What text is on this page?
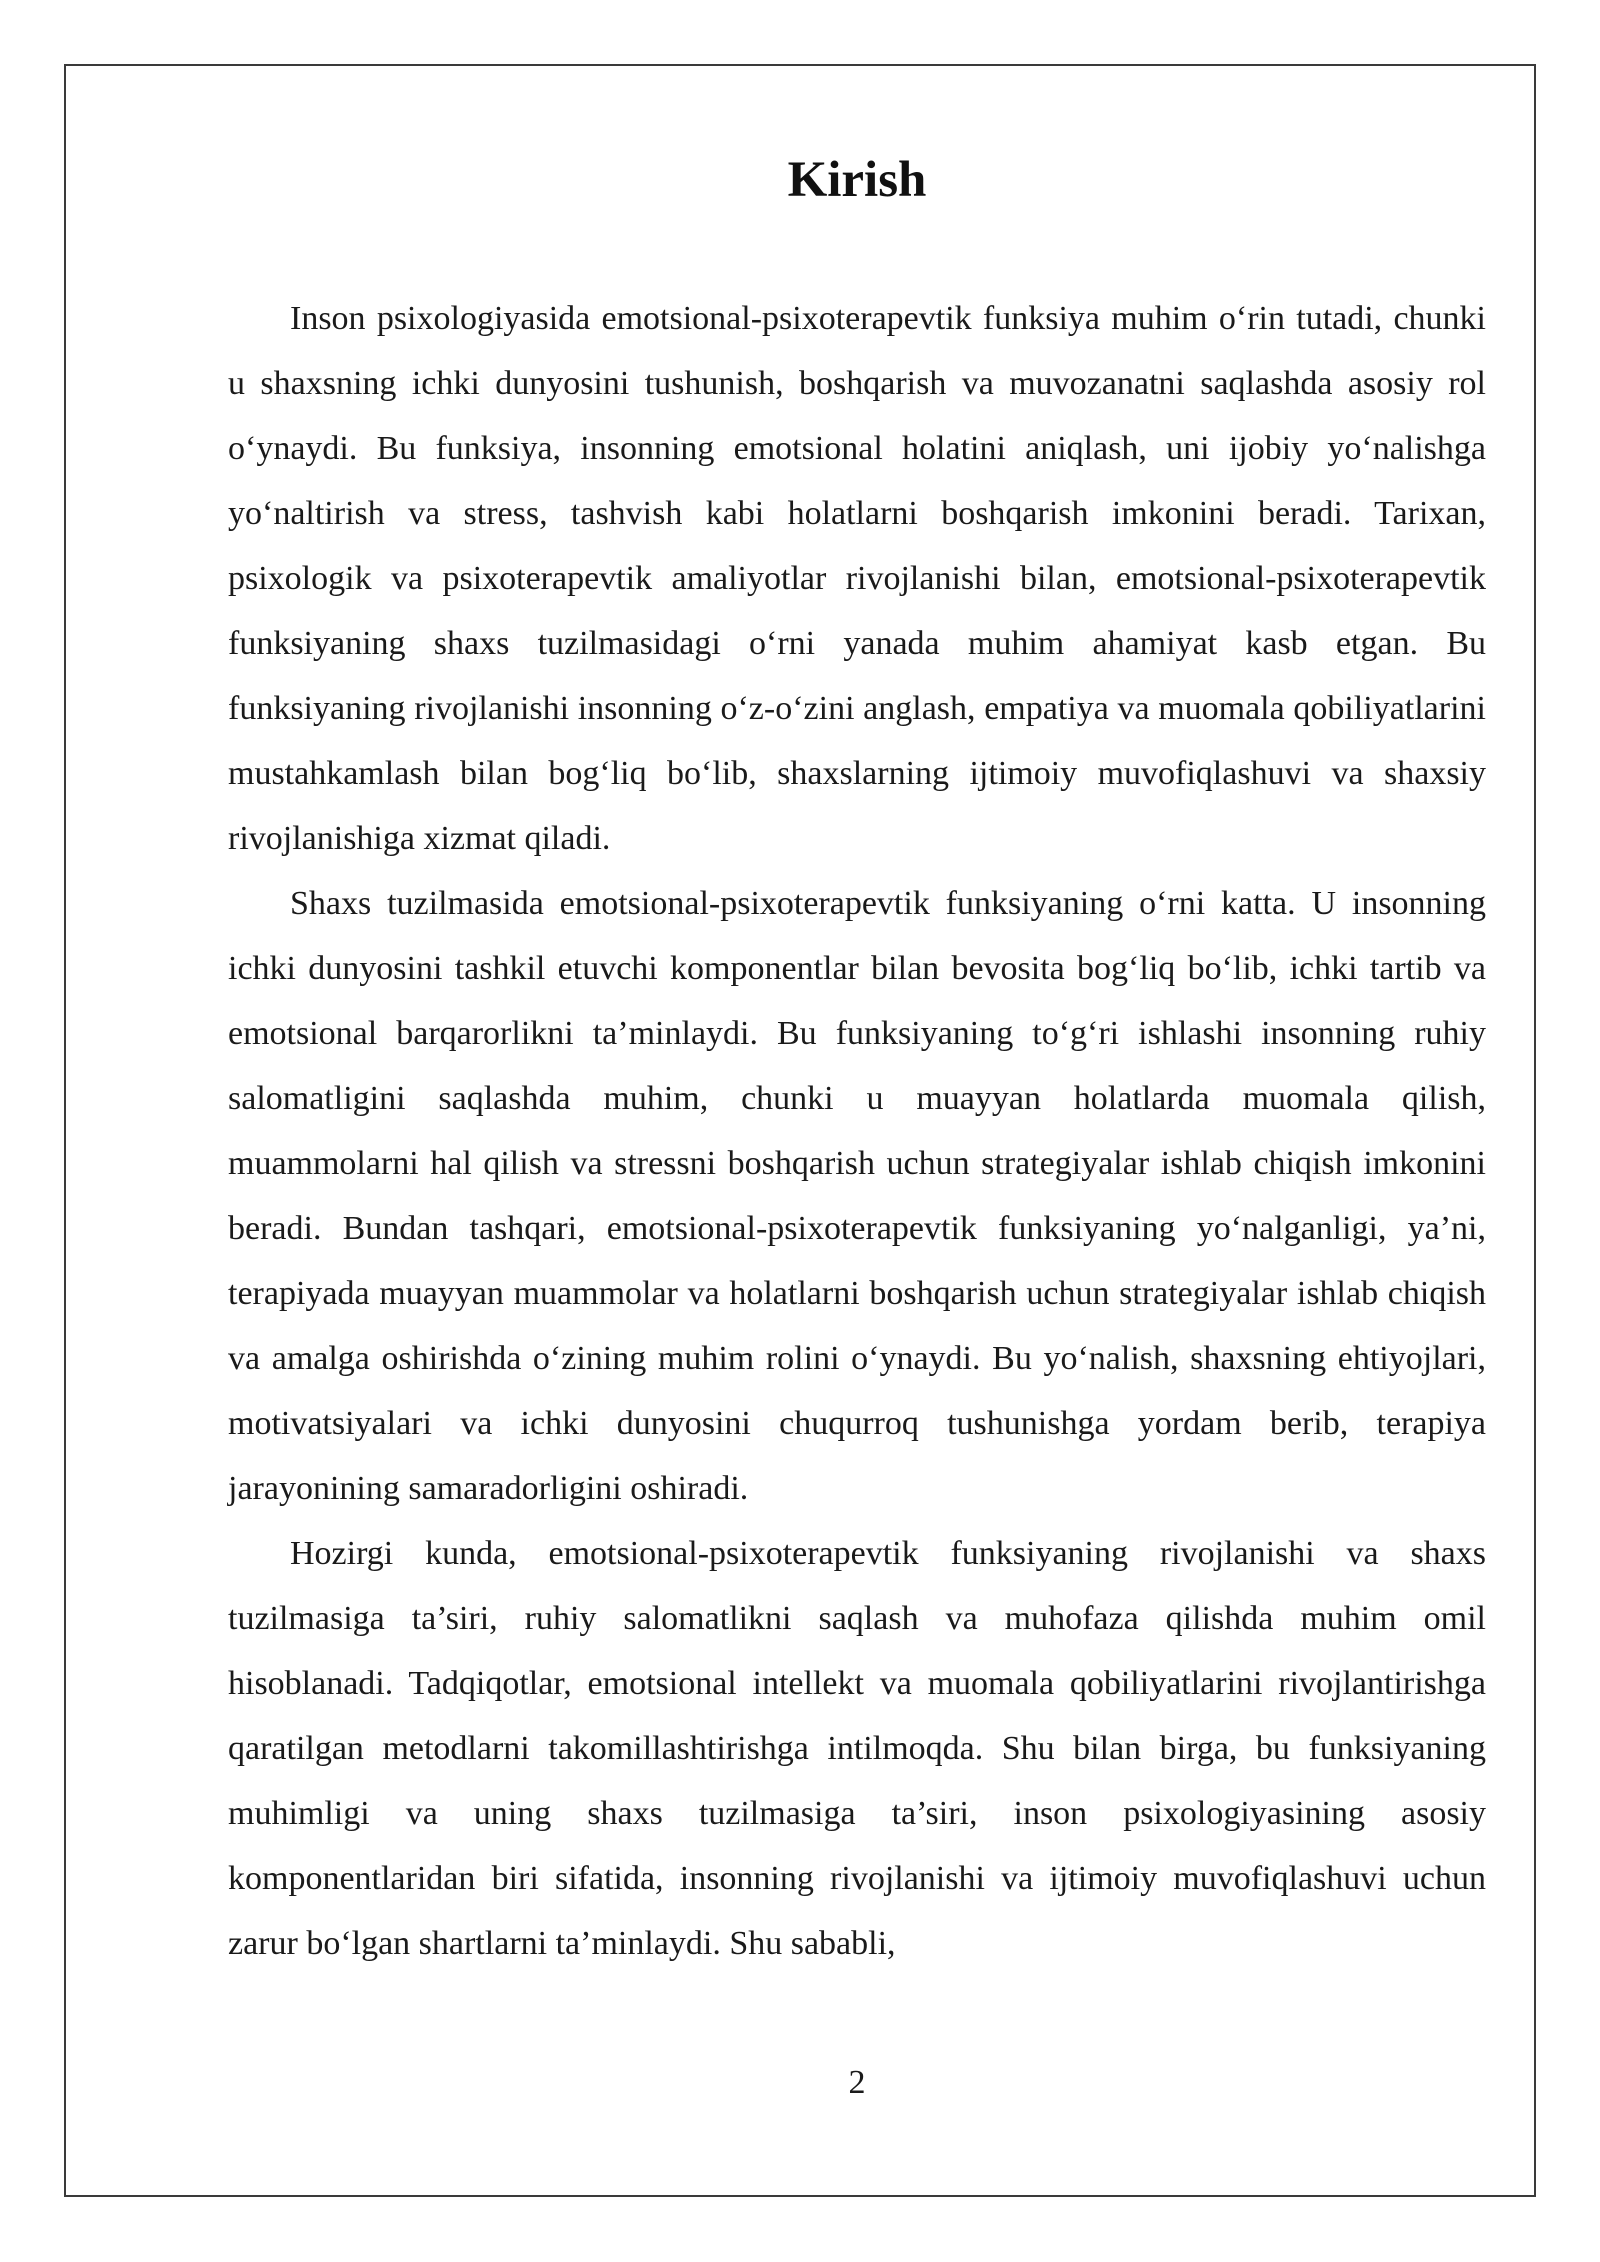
Kirish

Inson psixologiyasida emotsional-psixoterapevtik funksiya muhim o‘rin tutadi, chunki u shaxsning ichki dunyosini tushunish, boshqarish va muvozanatni saqlashda asosiy rol o‘ynaydi. Bu funksiya, insonning emotsional holatini aniqlash, uni ijobiy yo‘nalishga yo‘naltirish va stress, tashvish kabi holatlarni boshqarish imkonini beradi. Tarixan, psixologik va psixoterapevtik amaliyotlar rivojlanishi bilan, emotsional-psixoterapevtik funksiyaning shaxs tuzilmasidagi o‘rni yanada muhim ahamiyat kasb etgan. Bu funksiyaning rivojlanishi insonning o‘z-o‘zini anglash, empatiya va muomala qobiliyatlarini mustahkamlash bilan bog‘liq bo‘lib, shaxslarning ijtimoiy muvofiqlashuvi va shaxsiy rivojlanishiga xizmat qiladi.

Shaxs tuzilmasida emotsional-psixoterapevtik funksiyaning o‘rni katta. U insonning ichki dunyosini tashkil etuvchi komponentlar bilan bevosita bog‘liq bo‘lib, ichki tartib va emotsional barqarorlikni ta’minlaydi. Bu funksiyaning to‘g‘ri ishlashi insonning ruhiy salomatligini saqlashda muhim, chunki u muayyan holatlarda muomala qilish, muammolarni hal qilish va stressni boshqarish uchun strategiyalar ishlab chiqish imkonini beradi. Bundan tashqari, emotsional-psixoterapevtik funksiyaning yo‘nalganligi, ya’ni, terapiyada muayyan muammolar va holatlarni boshqarish uchun strategiyalar ishlab chiqish va amalga oshirishda o‘zining muhim rolini o‘ynaydi. Bu yo‘nalish, shaxsning ehtiyojlari, motivatsiyalari va ichki dunyosini chuqurroq tushunishga yordam berib, terapiya jarayonining samaradorligini oshiradi.

Hozirgi kunda, emotsional-psixoterapevtik funksiyaning rivojlanishi va shaxs tuzilmasiga ta’siri, ruhiy salomatlikni saqlash va muhofaza qilishda muhim omil hisoblanadi. Tadqiqotlar, emotsional intellekt va muomala qobiliyatlarini rivojlantirishga qaratilgan metodlarni takomillashtirishga intilmoqda. Shu bilan birga, bu funksiyaning muhimligi va uning shaxs tuzilmasiga ta’siri, inson psixologiyasining asosiy komponentlaridan biri sifatida, insonning rivojlanishi va ijtimoiy muvofiqlashuvi uchun zarur bo‘lgan shartlarni ta’minlaydi. Shu sababli,

2
